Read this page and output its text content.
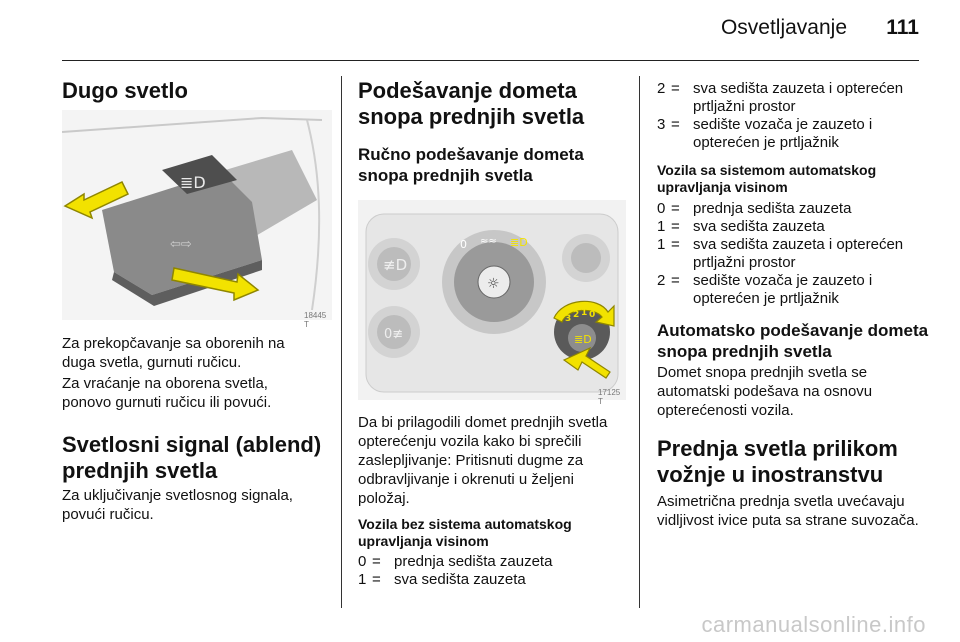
Osvetljavanje 111
Dugo svetlo
≣D
⇦⇨
18445 T

Za prekopčavanje sa oborenih na duga svetla, gurnuti ručicu.

Za vraćanje na oborena svetla, ponovo gurnuti ručicu ili povući.

Svetlosni signal (ablend) prednjih svetla

Za uključivanje svetlosnog signala, povući ručicu.

Podešavanje dometa snopa prednjih svetla
Ručno podešavanje dometa snopa prednjih svetla
≢D
0≢
☼
0 ≈≈ ≣D
≣D
3 2 1 0
17125 T

Da bi prilagodili domet prednjih svetla opterećenju vozila kako bi sprečili zaslepljivanje: Pritisnuti dugme za odbravljivanje i okrenuti u željeni položaj.

Vozila bez sistema automatskog upravljanja visinom
0 = prednja sedišta zauzeta
1 = sva sedišta zauzeta
2 = sva sedišta zauzeta i opterećen prtljažni prostor
3 = sedište vozača je zauzeto i opterećen je prtljažnik
Vozila sa sistemom automatskog upravljanja visinom
0 = prednja sedišta zauzeta
1 = sva sedišta zauzeta
1 = sva sedišta zauzeta i opterećen prtljažni prostor
2 = sedište vozača je zauzeto i opterećen je prtljažnik
Automatsko podešavanje dometa snopa prednjih svetla

Domet snopa prednjih svetla se automatski podešava na osnovu opterećenosti vozila.

Prednja svetla prilikom vožnje u inostranstvu

Asimetrična prednja svetla uvećavaju vidljivost ivice puta sa strane suvozača.

carmanualsonline.info
